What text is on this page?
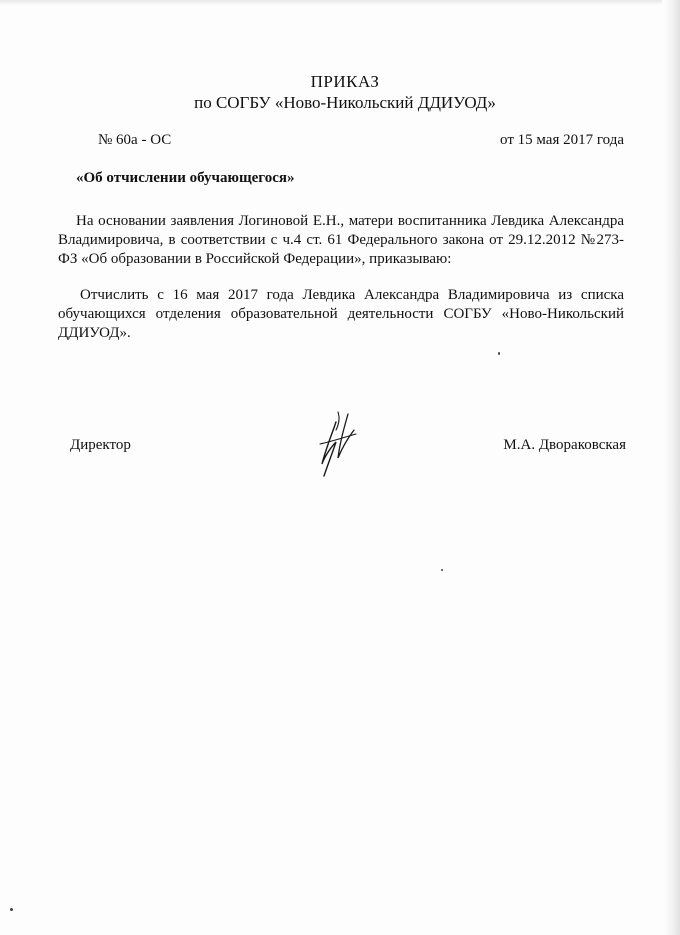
ПРИКАЗ
по СОГБУ «Ново-Никольский ДДИУОД»
№ 60а - ОС	от 15 мая 2017 года
«Об отчислении обучающегося»
На основании заявления Логиновой Е.Н., матери воспитанника Левдика Александра Владимировича, в соответствии с ч.4 ст. 61 Федерального закона от 29.12.2012 №273-ФЗ «Об образовании в Российской Федерации», приказываю:
Отчислить с 16 мая 2017 года Левдика Александра Владимировича из списка обучающихся отделения образовательной деятельности СОГБУ «Ново-Никольский ДДИУОД».
Директор	М.А. Двораковская
